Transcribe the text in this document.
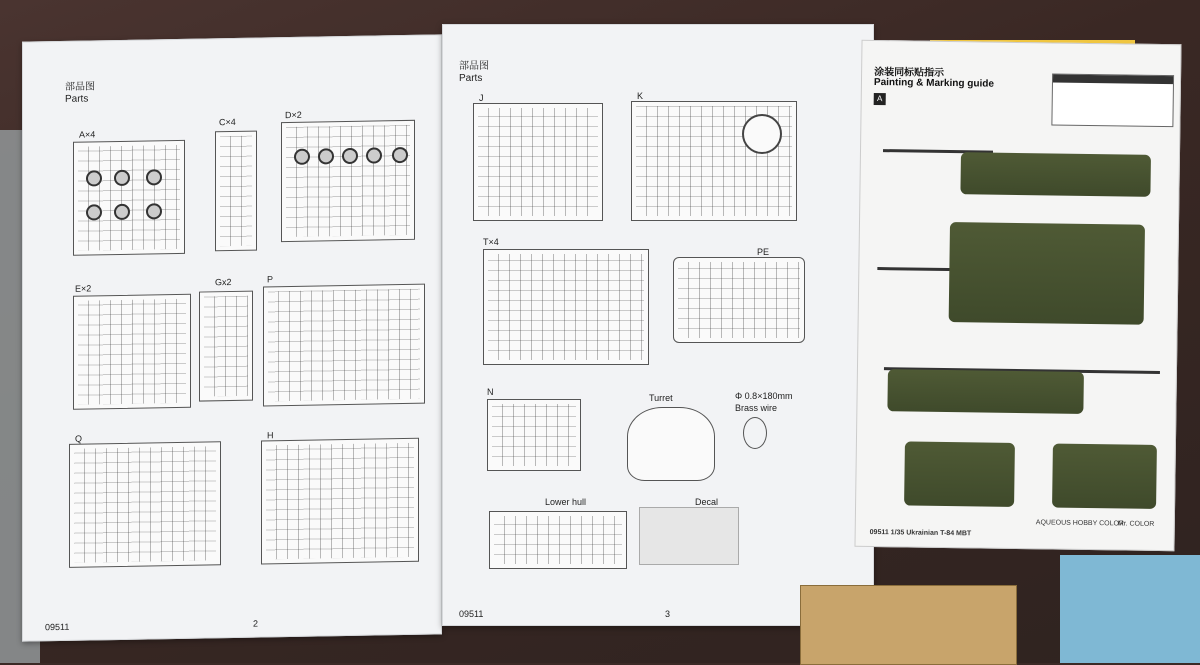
部品图
Parts
A×4
C×4
D×2
E×2
Gx2	P
Q	H
09511	2
部品图
Parts
J	K
T×4
PE
N
Turret	Φ 0.8×180mm
Brass wire
Lower hull	Decal
09511	3
涂装同标贴指示
Painting & Marking guide
A
09511 1/35 Ukrainian T-84 MBT
AQUEOUS HOBBY COLOR
Mr. COLOR
